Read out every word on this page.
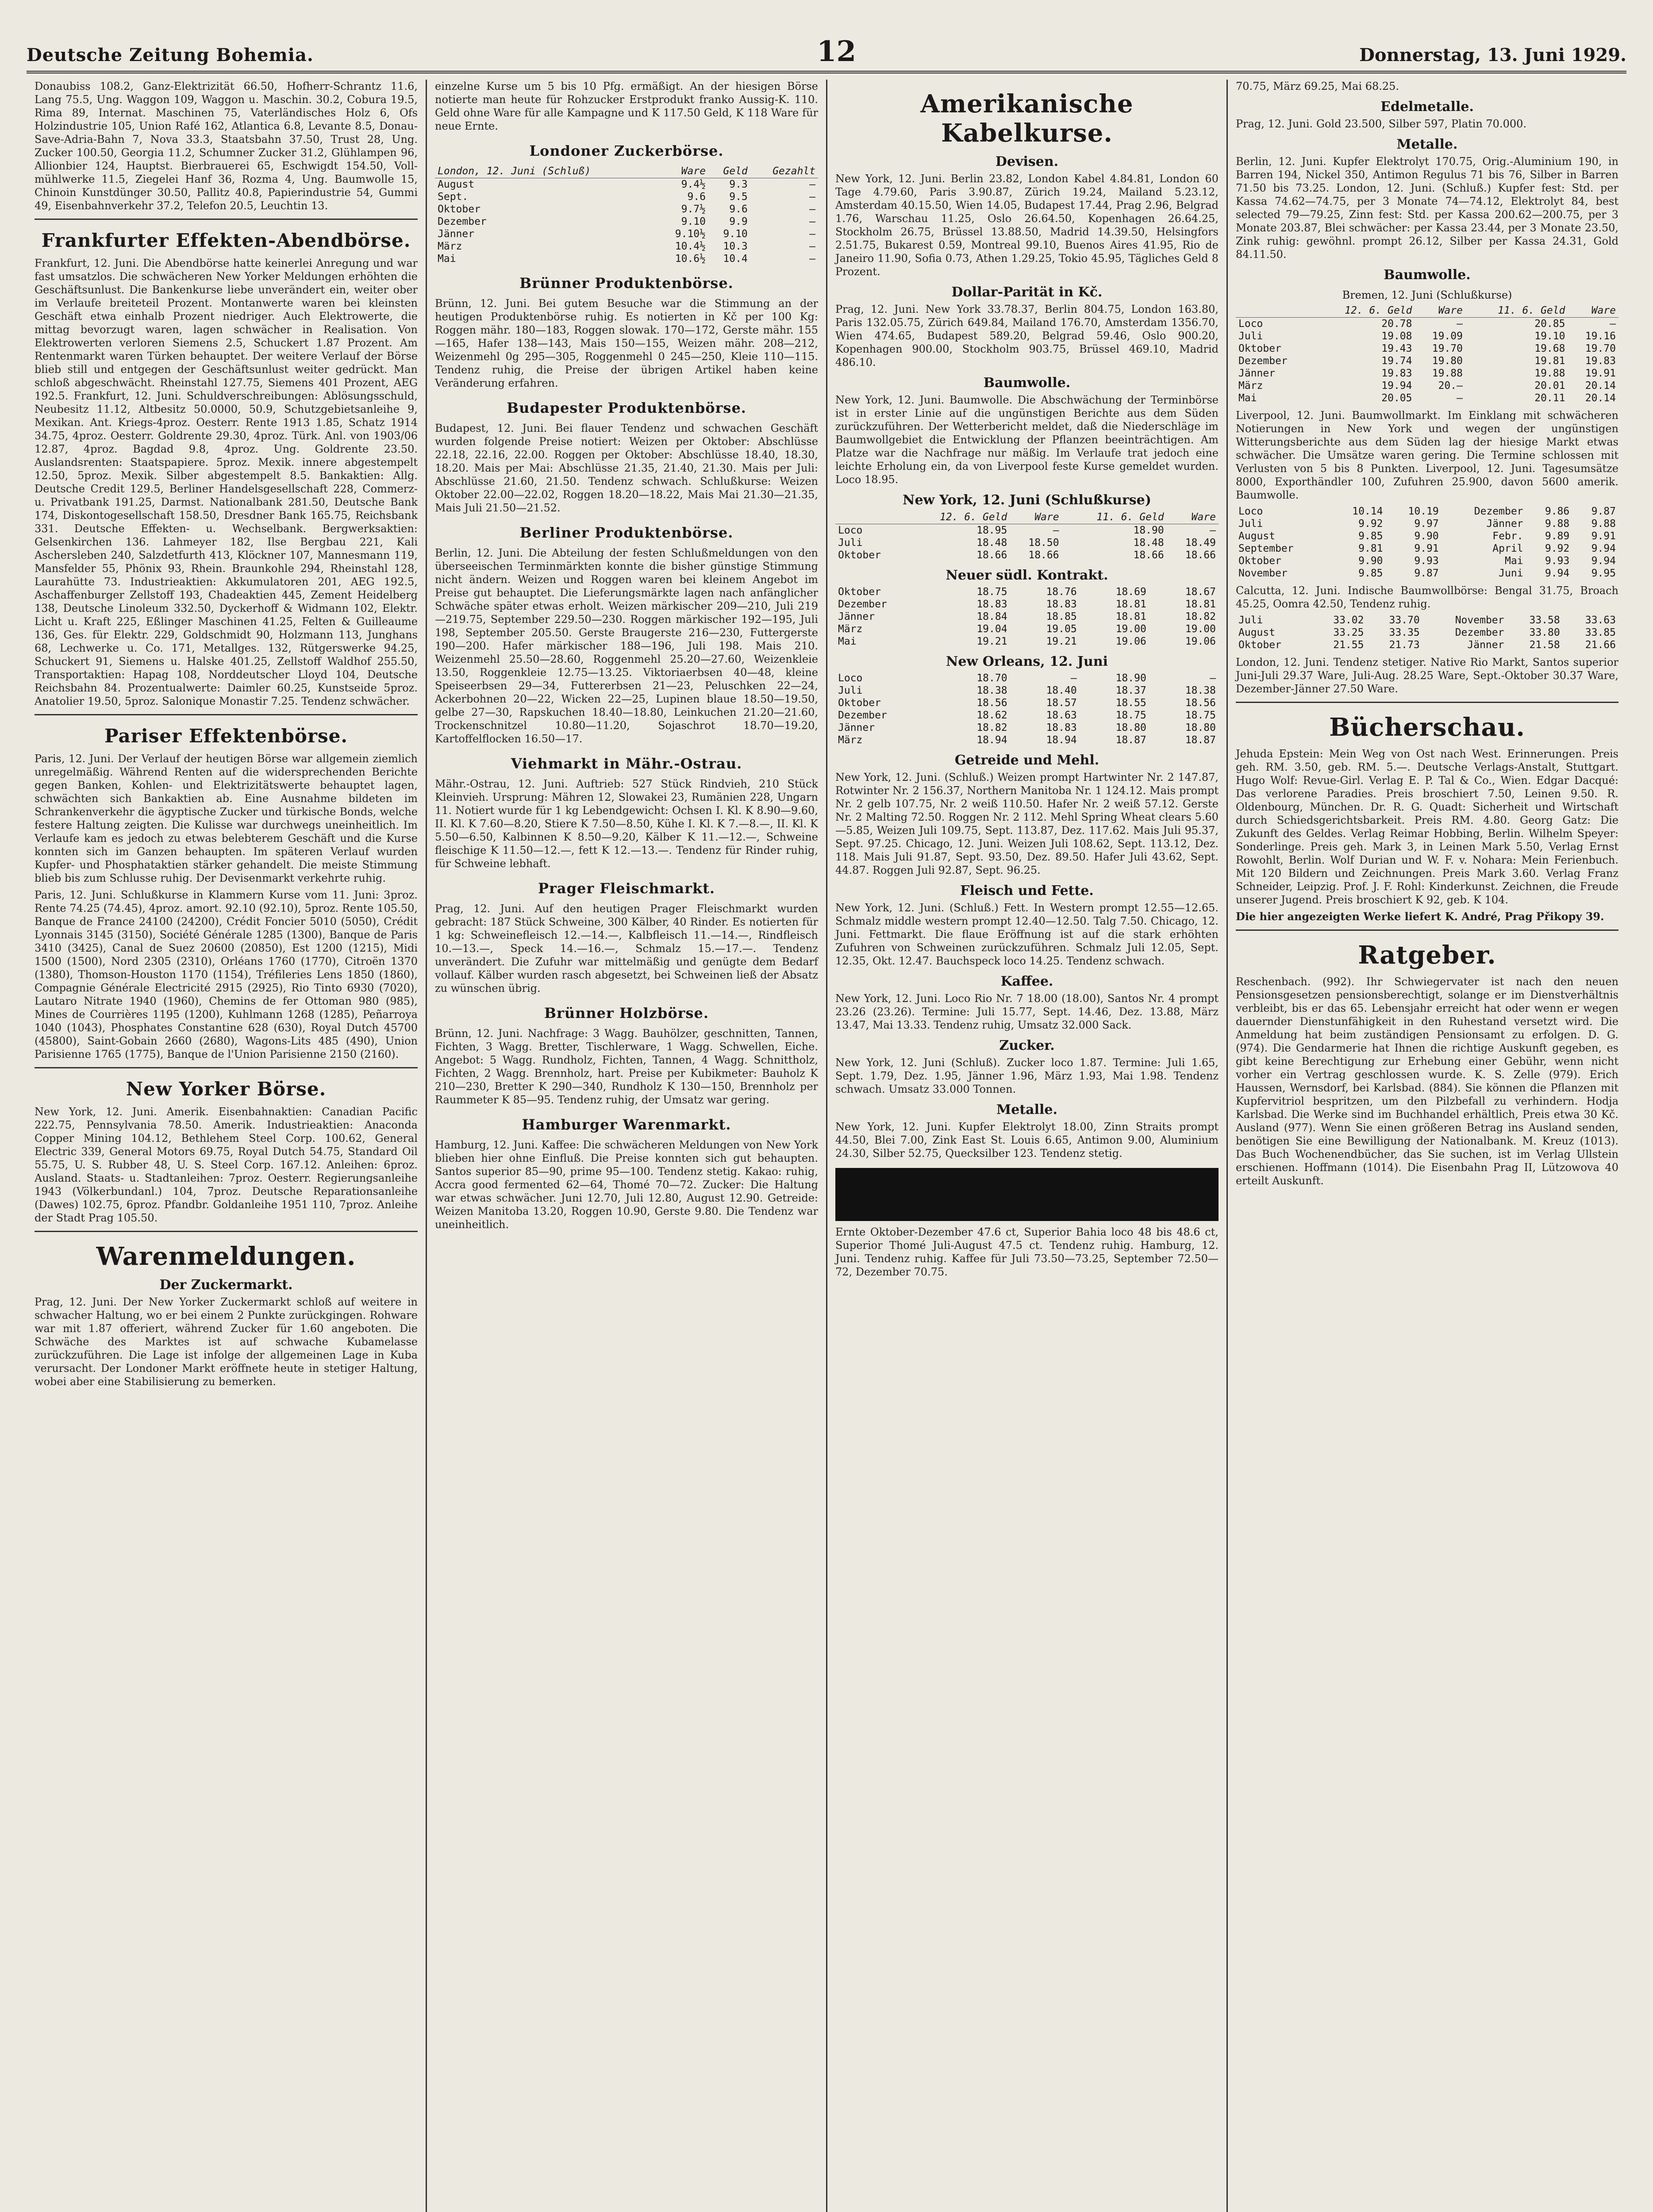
Deutsche Zeitung Bohemia.	12	Donnerstag, 13. Juni 1929.

Donaubiss 108.2, Ganz-Elektrizität 66.50, Hofherr-Schrantz 11.6, Lang 75.5, Ung. Waggon 109, Waggon u. Maschin. 30.2, Cobura 19.5, Rima 89, Internat. Maschinen 75, Vaterländisches Holz 6, Ofs Holzindustrie 105, Union Rafé 162, Atlantica 6.8, Levante 8.5, Donau-Save-Adria-Bahn 7, Nova 33.3, Staatsbahn 37.50, Trust 28, Ung. Zucker 100.50, Georgia 11.2, Schumner Zucker 31.2, Glühlampen 96, Allionbier 124, Hauptst. Bierbrauerei 65, Eschwigdt 154.50, Voll-mühlwerke 11.5, Ziegelei Hanf 36, Rozma 4, Ung. Baumwolle 15, Chinoin Kunstdünger 30.50, Pallitz 40.8, Papierindustrie 54, Gummi 49, Eisenbahnverkehr 37.2, Telefon 20.5, Leuchtin 13.

Frankfurter Effekten-Abendbörse.

Frankfurt, 12. Juni. Die Abendbörse hatte keinerlei Anregung und war fast umsatzlos. Die schwächeren New Yorker Meldungen erhöhten die Geschäftsunlust. Die Bankenkurse liebe unverändert ein, weiter ober im Verlaufe breiteteil Prozent. Montanwerte waren bei kleinsten Geschäft etwa einhalb Prozent niedriger. Auch Elektrowerte, die mittag bevorzugt waren, lagen schwächer in Realisation. Von Elektrowerten verloren Siemens 2.5, Schuckert 1.87 Prozent. Am Rentenmarkt waren Türken behauptet. Der weitere Verlauf der Börse blieb still und entgegen der Geschäftsunlust weiter gedrückt. Man schloß abgeschwächt. Rheinstahl 127.75, Siemens 401 Prozent, AEG 192.5. Frankfurt, 12. Juni. Schuldverschreibungen: Ablösungsschuld, Neubesitz 11.12, Altbesitz 50.0000, 50.9, Schutzgebietsanleihe 9, Mexikan. Ant. Kriegs-4proz. Oesterr. Rente 1913 1.85, Schatz 1914 34.75, 4proz. Oesterr. Goldrente 29.30, 4proz. Türk. Anl. von 1903/06 12.87, 4proz. Bagdad 9.8, 4proz. Ung. Goldrente 23.50. Auslandsrenten: Staatspapiere. 5proz. Mexik. innere abgestempelt 12.50, 5proz. Mexik. Silber abgestempelt 8.5. Bankaktien: Allg. Deutsche Credit 129.5, Berliner Handelsgesellschaft 228, Commerz- u. Privatbank 191.25, Darmst. Nationalbank 281.50, Deutsche Bank 174, Diskontogesellschaft 158.50, Dresdner Bank 165.75, Reichsbank 331. Deutsche Effekten- u. Wechselbank. Bergwerksaktien: Gelsenkirchen 136. Lahmeyer 182, Ilse Bergbau 221, Kali Aschersleben 240, Salzdetfurth 413, Klöckner 107, Mannesmann 119, Mansfelder 55, Phönix 93, Rhein. Braunkohle 294, Rheinstahl 128, Laurahütte 73. Industrieaktien: Akkumulatoren 201, AEG 192.5, Aschaffenburger Zellstoff 193, Chadeaktien 445, Zement Heidelberg 138, Deutsche Linoleum 332.50, Dyckerhoff & Widmann 102, Elektr. Licht u. Kraft 225, Eßlinger Maschinen 41.25, Felten & Guilleaume 136, Ges. für Elektr. 229, Goldschmidt 90, Holzmann 113, Junghans 68, Lechwerke u. Co. 171, Metallges. 132, Rütgerswerke 94.25, Schuckert 91, Siemens u. Halske 401.25, Zellstoff Waldhof 255.50, Transportaktien: Hapag 108, Norddeutscher Lloyd 104, Deutsche Reichsbahn 84. Prozentualwerte: Daimler 60.25, Kunstseide 5proz. Anatolier 19.50, 5proz. Salonique Monastir 7.25. Tendenz schwächer.

Pariser Effektenbörse.

Paris, 12. Juni. Der Verlauf der heutigen Börse war allgemein ziemlich unregelmäßig. Während Renten auf die widersprechenden Berichte gegen Banken, Kohlen- und Elektrizitätswerte behauptet lagen, schwächten sich Bankaktien ab. Eine Ausnahme bildeten im Schrankenverkehr die ägyptische Zucker und türkische Bonds, welche festere Haltung zeigten. Die Kulisse war durchwegs uneinheitlich. Im Verlaufe kam es jedoch zu etwas belebterem Geschäft und die Kurse konnten sich im Ganzen behaupten. Im späteren Verlauf wurden Kupfer- und Phosphataktien stärker gehandelt. Die meiste Stimmung blieb bis zum Schlusse ruhig. Der Devisenmarkt verkehrte ruhig.

Paris, 12. Juni. Schlußkurse in Klammern Kurse vom 11. Juni: 3proz. Rente 74.25 (74.45), 4proz. amort. 92.10 (92.10), 5proz. Rente 105.50, Banque de France 24100 (24200), Crédit Foncier 5010 (5050), Crédit Lyonnais 3145 (3150), Société Générale 1285 (1300), Banque de Paris 3410 (3425), Canal de Suez 20600 (20850), Est 1200 (1215), Midi 1500 (1500), Nord 2305 (2310), Orléans 1760 (1770), Citroën 1370 (1380), Thomson-Houston 1170 (1154), Tréfileries Lens 1850 (1860), Compagnie Générale Electricité 2915 (2925), Rio Tinto 6930 (7020), Lautaro Nitrate 1940 (1960), Chemins de fer Ottoman 980 (985), Mines de Courrières 1195 (1200), Kuhlmann 1268 (1285), Peñarroya 1040 (1043), Phosphates Constantine 628 (630), Royal Dutch 45700 (45800), Saint-Gobain 2660 (2680), Wagons-Lits 485 (490), Union Parisienne 1765 (1775), Banque de l'Union Parisienne 2150 (2160).

New Yorker Börse.

New York, 12. Juni. Amerik. Eisenbahnaktien: Canadian Pacific 222.75, Pennsylvania 78.50. Amerik. Industrieaktien: Anaconda Copper Mining 104.12, Bethlehem Steel Corp. 100.62, General Electric 339, General Motors 69.75, Royal Dutch 54.75, Standard Oil 55.75, U. S. Rubber 48, U. S. Steel Corp. 167.12. Anleihen: 6proz. Ausland. Staats- u. Stadtanleihen: 7proz. Oesterr. Regierungsanleihe 1943 (Völkerbundanl.) 104, 7proz. Deutsche Reparationsanleihe (Dawes) 102.75, 6proz. Pfandbr. Goldanleihe 1951 110, 7proz. Anleihe der Stadt Prag 105.50.

Warenmeldungen.
Der Zuckermarkt.

Prag, 12. Juni. Der New Yorker Zuckermarkt schloß auf weitere in schwacher Haltung, wo er bei einem 2 Punkte zurückgingen. Rohware war mit 1.87 offeriert, während Zucker für 1.60 angeboten. Die Schwäche des Marktes ist auf schwache Kubamelasse zurückzuführen. Die Lage ist infolge der allgemeinen Lage in Kuba verursacht. Der Londoner Markt eröffnete heute in stetiger Haltung, wobei aber eine Stabilisierung zu bemerken.

einzelne Kurse um 5 bis 10 Pfg. ermäßigt. An der hiesigen Börse notierte man heute für Rohzucker Erstprodukt franko Aussig-K. 110. Geld ohne Ware für alle Kampagne und K 117.50 Geld, K 118 Ware für neue Ernte.

Londoner Zuckerbörse.
London, 12. Juni (Schluß)	Ware	Geld	Gezahlt
August	9.4½	9.3	—
Sept.	9.6	9.5	—
Oktober	9.7½	9.6	—
Dezember	9.10	9.9	—
Jänner	9.10½	9.10	—
März	10.4½	10.3	—
Mai	10.6½	10.4	—
Brünner Produktenbörse.

Brünn, 12. Juni. Bei gutem Besuche war die Stimmung an der heutigen Produktenbörse ruhig. Es notierten in Kč per 100 Kg: Roggen mähr. 180—183, Roggen slowak. 170—172, Gerste mähr. 155—165, Hafer 138—143, Mais 150—155, Weizen mähr. 208—212, Weizenmehl 0g 295—305, Roggenmehl 0 245—250, Kleie 110—115. Tendenz ruhig, die Preise der übrigen Artikel haben keine Veränderung erfahren.

Budapester Produktenbörse.

Budapest, 12. Juni. Bei flauer Tendenz und schwachen Geschäft wurden folgende Preise notiert: Weizen per Oktober: Abschlüsse 22.18, 22.16, 22.00. Roggen per Oktober: Abschlüsse 18.40, 18.30, 18.20. Mais per Mai: Abschlüsse 21.35, 21.40, 21.30. Mais per Juli: Abschlüsse 21.60, 21.50. Tendenz schwach. Schlußkurse: Weizen Oktober 22.00—22.02, Roggen 18.20—18.22, Mais Mai 21.30—21.35, Mais Juli 21.50—21.52.

Berliner Produktenbörse.

Berlin, 12. Juni. Die Abteilung der festen Schlußmeldungen von den überseeischen Terminmärkten konnte die bisher günstige Stimmung nicht ändern. Weizen und Roggen waren bei kleinem Angebot im Preise gut behauptet. Die Lieferungsmärkte lagen nach anfänglicher Schwäche später etwas erholt. Weizen märkischer 209—210, Juli 219—219.75, September 229.50—230. Roggen märkischer 192—195, Juli 198, September 205.50. Gerste Braugerste 216—230, Futtergerste 190—200. Hafer märkischer 188—196, Juli 198. Mais 210. Weizenmehl 25.50—28.60, Roggenmehl 25.20—27.60, Weizenkleie 13.50, Roggenkleie 12.75—13.25. Viktoriaerbsen 40—48, kleine Speiseerbsen 29—34, Futtererbsen 21—23, Peluschken 22—24, Ackerbohnen 20—22, Wicken 22—25, Lupinen blaue 18.50—19.50, gelbe 27—30, Rapskuchen 18.40—18.80, Leinkuchen 21.20—21.60, Trockenschnitzel 10.80—11.20, Sojaschrot 18.70—19.20, Kartoffelflocken 16.50—17.

Viehmarkt in Mähr.-Ostrau.

Mähr.-Ostrau, 12. Juni. Auftrieb: 527 Stück Rindvieh, 210 Stück Kleinvieh. Ursprung: Mähren 12, Slowakei 23, Rumänien 228, Ungarn 11. Notiert wurde für 1 kg Lebendgewicht: Ochsen I. Kl. K 8.90—9.60, II. Kl. K 7.60—8.20, Stiere K 7.50—8.50, Kühe I. Kl. K 7.—8.—, II. Kl. K 5.50—6.50, Kalbinnen K 8.50—9.20, Kälber K 11.—12.—, Schweine fleischige K 11.50—12.—, fett K 12.—13.—. Tendenz für Rinder ruhig, für Schweine lebhaft.

Prager Fleischmarkt.

Prag, 12. Juni. Auf den heutigen Prager Fleischmarkt wurden gebracht: 187 Stück Schweine, 300 Kälber, 40 Rinder. Es notierten für 1 kg: Schweinefleisch 12.—14.—, Kalbfleisch 11.—14.—, Rindfleisch 10.—13.—, Speck 14.—16.—, Schmalz 15.—17.—. Tendenz unverändert. Die Zufuhr war mittelmäßig und genügte dem Bedarf vollauf. Kälber wurden rasch abgesetzt, bei Schweinen ließ der Absatz zu wünschen übrig.

Brünner Holzbörse.

Brünn, 12. Juni. Nachfrage: 3 Wagg. Bauhölzer, geschnitten, Tannen, Fichten, 3 Wagg. Bretter, Tischlerware, 1 Wagg. Schwellen, Eiche. Angebot: 5 Wagg. Rundholz, Fichten, Tannen, 4 Wagg. Schnittholz, Fichten, 2 Wagg. Brennholz, hart. Preise per Kubikmeter: Bauholz K 210—230, Bretter K 290—340, Rundholz K 130—150, Brennholz per Raummeter K 85—95. Tendenz ruhig, der Umsatz war gering.

Hamburger Warenmarkt.

Hamburg, 12. Juni. Kaffee: Die schwächeren Meldungen von New York blieben hier ohne Einfluß. Die Preise konnten sich gut behaupten. Santos superior 85—90, prime 95—100. Tendenz stetig. Kakao: ruhig, Accra good fermented 62—64, Thomé 70—72. Zucker: Die Haltung war etwas schwächer. Juni 12.70, Juli 12.80, August 12.90. Getreide: Weizen Manitoba 13.20, Roggen 10.90, Gerste 9.80. Die Tendenz war uneinheitlich.

Amerikanische Kabelkurse.
Devisen.

New York, 12. Juni. Berlin 23.82, London Kabel 4.84.81, London 60 Tage 4.79.60, Paris 3.90.87, Zürich 19.24, Mailand 5.23.12, Amsterdam 40.15.50, Wien 14.05, Budapest 17.44, Prag 2.96, Belgrad 1.76, Warschau 11.25, Oslo 26.64.50, Kopenhagen 26.64.25, Stockholm 26.75, Brüssel 13.88.50, Madrid 14.39.50, Helsingfors 2.51.75, Bukarest 0.59, Montreal 99.10, Buenos Aires 41.95, Rio de Janeiro 11.90, Sofia 0.73, Athen 1.29.25, Tokio 45.95, Tägliches Geld 8 Prozent.

Dollar-Parität in Kč.

Prag, 12. Juni. New York 33.78.37, Berlin 804.75, London 163.80, Paris 132.05.75, Zürich 649.84, Mailand 176.70, Amsterdam 1356.70, Wien 474.65, Budapest 589.20, Belgrad 59.46, Oslo 900.20, Kopenhagen 900.00, Stockholm 903.75, Brüssel 469.10, Madrid 486.10.

Baumwolle.

New York, 12. Juni. Baumwolle. Die Abschwächung der Terminbörse ist in erster Linie auf die ungünstigen Berichte aus dem Süden zurückzuführen. Der Wetterbericht meldet, daß die Niederschläge im Baumwollgebiet die Entwicklung der Pflanzen beeinträchtigen. Am Platze war die Nachfrage nur mäßig. Im Verlaufe trat jedoch eine leichte Erholung ein, da von Liverpool feste Kurse gemeldet wurden. Loco 18.95.

New York, 12. Juni (Schlußkurse)
	12. 6. Geld	Ware	11. 6. Geld	Ware
Loco	18.95	—	18.90	—
Juli	18.48	18.50	18.48	18.49
Oktober	18.66	18.66	18.66	18.66
Neuer südl. Kontrakt.
Oktober	18.75	18.76	18.69	18.67
Dezember	18.83	18.83	18.81	18.81
Jänner	18.84	18.85	18.81	18.82
März	19.04	19.05	19.00	19.00
Mai	19.21	19.21	19.06	19.06
New Orleans, 12. Juni
Loco	18.70	—	18.90	—
Juli	18.38	18.40	18.37	18.38
Oktober	18.56	18.57	18.55	18.56
Dezember	18.62	18.63	18.75	18.75
Jänner	18.82	18.83	18.80	18.80
März	18.94	18.94	18.87	18.87
Getreide und Mehl.

New York, 12. Juni. (Schluß.) Weizen prompt Hartwinter Nr. 2 147.87, Rotwinter Nr. 2 156.37, Northern Manitoba Nr. 1 124.12. Mais prompt Nr. 2 gelb 107.75, Nr. 2 weiß 110.50. Hafer Nr. 2 weiß 57.12. Gerste Nr. 2 Malting 72.50. Roggen Nr. 2 112. Mehl Spring Wheat clears 5.60—5.85, Weizen Juli 109.75, Sept. 113.87, Dez. 117.62. Mais Juli 95.37, Sept. 97.25. Chicago, 12. Juni. Weizen Juli 108.62, Sept. 113.12, Dez. 118. Mais Juli 91.87, Sept. 93.50, Dez. 89.50. Hafer Juli 43.62, Sept. 44.87. Roggen Juli 92.87, Sept. 96.25.

Fleisch und Fette.

New York, 12. Juni. (Schluß.) Fett. In Western prompt 12.55—12.65. Schmalz middle western prompt 12.40—12.50. Talg 7.50. Chicago, 12. Juni. Fettmarkt. Die flaue Eröffnung ist auf die stark erhöhten Zufuhren von Schweinen zurückzuführen. Schmalz Juli 12.05, Sept. 12.35, Okt. 12.47. Bauchspeck loco 14.25. Tendenz schwach.

Kaffee.

New York, 12. Juni. Loco Rio Nr. 7 18.00 (18.00), Santos Nr. 4 prompt 23.26 (23.26). Termine: Juli 15.77, Sept. 14.46, Dez. 13.88, März 13.47, Mai 13.33. Tendenz ruhig, Umsatz 32.000 Sack.

Zucker.

New York, 12. Juni (Schluß). Zucker loco 1.87. Termine: Juli 1.65, Sept. 1.79, Dez. 1.95, Jänner 1.96, März 1.93, Mai 1.98. Tendenz schwach. Umsatz 33.000 Tonnen.

Metalle.

New York, 12. Juni. Kupfer Elektrolyt 18.00, Zinn Straits prompt 44.50, Blei 7.00, Zink East St. Louis 6.65, Antimon 9.00, Aluminium 24.30, Silber 52.75, Quecksilber 123. Tendenz stetig.

Ernte Oktober-Dezember 47.6 ct, Superior Bahia loco 48 bis 48.6 ct, Superior Thomé Juli-August 47.5 ct. Tendenz ruhig. Hamburg, 12. Juni. Tendenz ruhig. Kaffee für Juli 73.50—73.25, September 72.50—72, Dezember 70.75.

70.75, März 69.25, Mai 68.25.

Edelmetalle.

Prag, 12. Juni. Gold 23.500, Silber 597, Platin 70.000.

Metalle.

Berlin, 12. Juni. Kupfer Elektrolyt 170.75, Orig.-Aluminium 190, in Barren 194, Nickel 350, Antimon Regulus 71 bis 76, Silber in Barren 71.50 bis 73.25. London, 12. Juni. (Schluß.) Kupfer fest: Std. per Kassa 74.62—74.75, per 3 Monate 74—74.12, Elektrolyt 84, best selected 79—79.25, Zinn fest: Std. per Kassa 200.62—200.75, per 3 Monate 203.87, Blei schwächer: per Kassa 23.44, per 3 Monate 23.50, Zink ruhig: gewöhnl. prompt 26.12, Silber per Kassa 24.31, Gold 84.11.50.

Baumwolle.
Bremen, 12. Juni (Schlußkurse)
	12. 6. Geld	Ware	11. 6. Geld	Ware
Loco	20.78	—	20.85	—
Juli	19.08	19.09	19.10	19.16
Oktober	19.43	19.70	19.68	19.70
Dezember	19.74	19.80	19.81	19.83
Jänner	19.83	19.88	19.88	19.91
März	19.94	20.—	20.01	20.14
Mai	20.05	—	20.11	20.14

Liverpool, 12. Juni. Baumwollmarkt. Im Einklang mit schwächeren Notierungen in New York und wegen der ungünstigen Witterungsberichte aus dem Süden lag der hiesige Markt etwas schwächer. Die Umsätze waren gering. Die Termine schlossen mit Verlusten von 5 bis 8 Punkten. Liverpool, 12. Juni. Tagesumsätze 8000, Exporthändler 100, Zufuhren 25.900, davon 5600 amerik. Baumwolle.

Loco	10.14	10.19	Dezember	9.86	9.87
Juli	9.92	9.97	Jänner	9.88	9.88
August	9.85	9.90	Febr.	9.89	9.91
September	9.81	9.91	April	9.92	9.94
Oktober	9.90	9.93	Mai	9.93	9.94
November	9.85	9.87	Juni	9.94	9.95

Calcutta, 12. Juni. Indische Baumwollbörse: Bengal 31.75, Broach 45.25, Oomra 42.50, Tendenz ruhig.

Juli	33.02	33.70	November	33.58	33.63
August	33.25	33.35	Dezember	33.80	33.85
Oktober	21.55	21.73	Jänner	21.58	21.66

London, 12. Juni. Tendenz stetiger. Native Rio Markt, Santos superior Juni-Juli 29.37 Ware, Juli-Aug. 28.25 Ware, Sept.-Oktober 30.37 Ware, Dezember-Jänner 27.50 Ware.

Bücherschau.

Jehuda Epstein: Mein Weg von Ost nach West. Erinnerungen. Preis geh. RM. 3.50, geb. RM. 5.—. Deutsche Verlags-Anstalt, Stuttgart. Hugo Wolf: Revue-Girl. Verlag E. P. Tal & Co., Wien. Edgar Dacqué: Das verlorene Paradies. Preis broschiert 7.50, Leinen 9.50. R. Oldenbourg, München. Dr. R. G. Quadt: Sicherheit und Wirtschaft durch Schiedsgerichtsbarkeit. Preis RM. 4.80. Georg Gatz: Die Zukunft des Geldes. Verlag Reimar Hobbing, Berlin. Wilhelm Speyer: Sonderlinge. Preis geh. Mark 3, in Leinen Mark 5.50, Verlag Ernst Rowohlt, Berlin. Wolf Durian und W. F. v. Nohara: Mein Ferienbuch. Mit 120 Bildern und Zeichnungen. Preis Mark 3.60. Verlag Franz Schneider, Leipzig. Prof. J. F. Rohl: Kinderkunst. Zeichnen, die Freude unserer Jugend. Preis broschiert K 92, geb. K 104.

Die hier angezeigten Werke liefert K. André, Prag Přikopy 39.

Ratgeber.

Reschenbach. (992). Ihr Schwiegervater ist nach den neuen Pensionsgesetzen pensionsberechtigt, solange er im Dienstverhältnis verbleibt, bis er das 65. Lebensjahr erreicht hat oder wenn er wegen dauernder Dienstunfähigkeit in den Ruhestand versetzt wird. Die Anmeldung hat beim zuständigen Pensionsamt zu erfolgen. D. G. (974). Die Gendarmerie hat Ihnen die richtige Auskunft gegeben, es gibt keine Berechtigung zur Erhebung einer Gebühr, wenn nicht vorher ein Vertrag geschlossen wurde. K. S. Zelle (979). Erich Haussen, Wernsdorf, bei Karlsbad. (884). Sie können die Pflanzen mit Kupfervitriol bespritzen, um den Pilzbefall zu verhindern. Hodja Karlsbad. Die Werke sind im Buchhandel erhältlich, Preis etwa 30 Kč. Ausland (977). Wenn Sie einen größeren Betrag ins Ausland senden, benötigen Sie eine Bewilligung der Nationalbank. M. Kreuz (1013). Das Buch Wochenendbücher, das Sie suchen, ist im Verlag Ullstein erschienen. Hoffmann (1014). Die Eisenbahn Prag II, Lützowova 40 erteilt Auskunft.
